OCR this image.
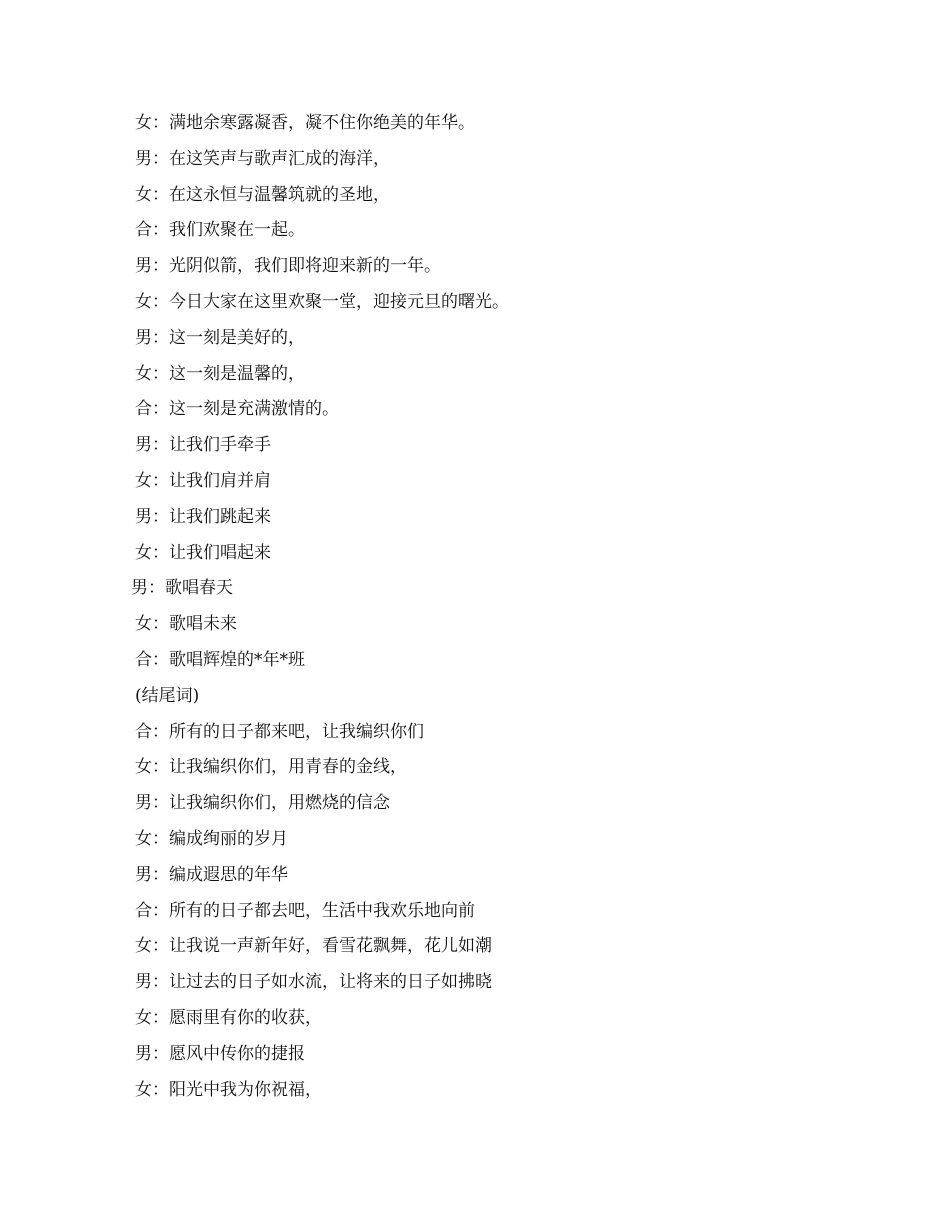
女：满地余寒露凝香，凝不住你绝美的年华。
男：在这笑声与歌声汇成的海洋，
女：在这永恒与温馨筑就的圣地，
合：我们欢聚在一起。
男：光阴似箭，我们即将迎来新的一年。
女：今日大家在这里欢聚一堂，迎接元旦的曙光。
男：这一刻是美好的，
女：这一刻是温馨的，
合：这一刻是充满激情的。
男：让我们手牵手
女：让我们肩并肩
男：让我们跳起来
女：让我们唱起来
男：歌唱春天
女：歌唱未来
合：歌唱辉煌的*年*班
(结尾词)
合：所有的日子都来吧，让我编织你们
女：让我编织你们，用青春的金线，
男：让我编织你们，用燃烧的信念
女：编成绚丽的岁月
男：编成遐思的年华
合：所有的日子都去吧，生活中我欢乐地向前
女：让我说一声新年好，看雪花飘舞，花儿如潮
男：让过去的日子如水流，让将来的日子如拂晓
女：愿雨里有你的收获，
男：愿风中传你的捷报
女：阳光中我为你祝福，
